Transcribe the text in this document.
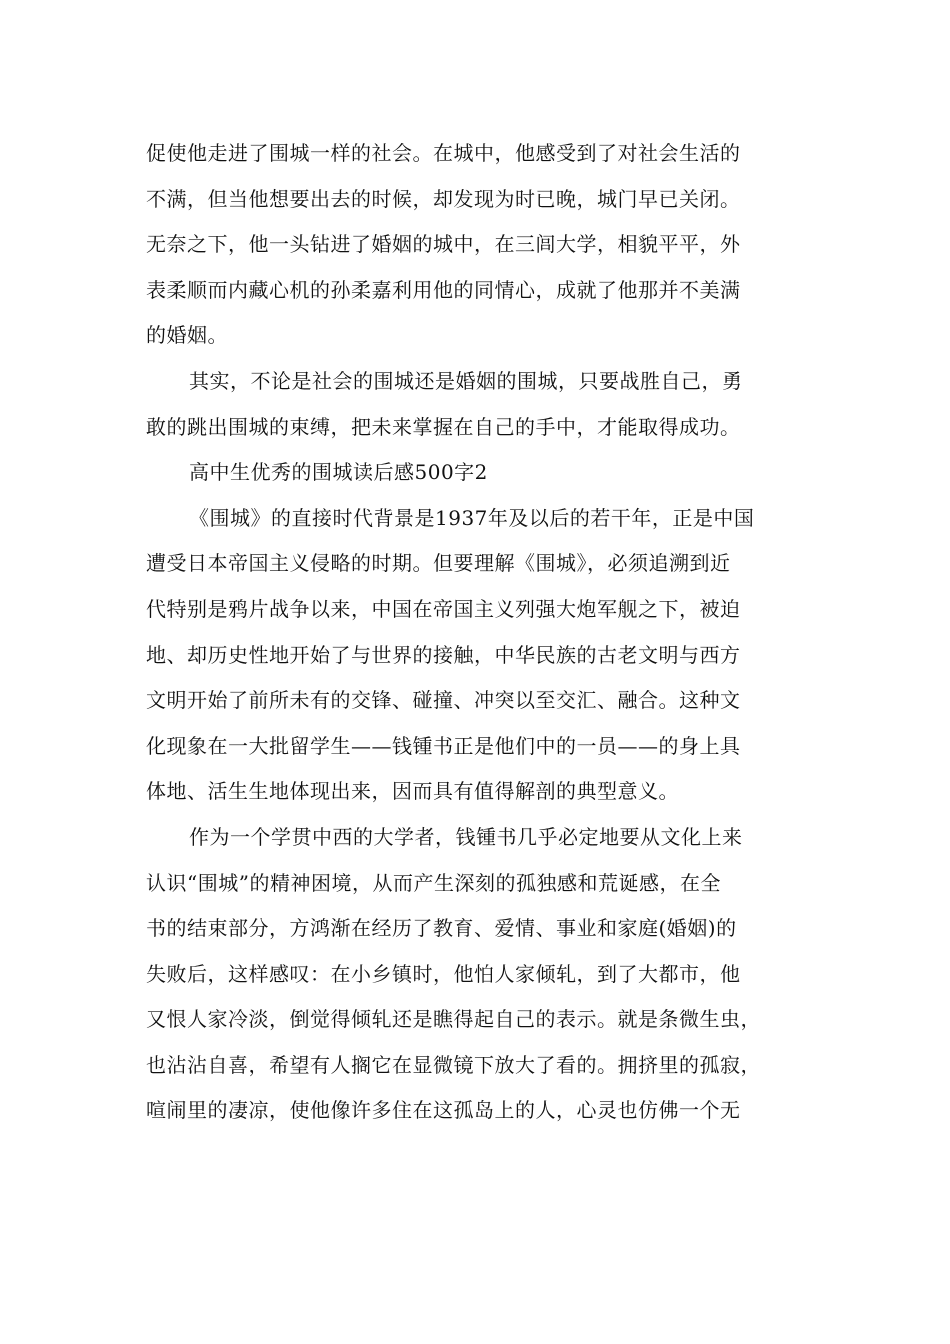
促使他走进了围城一样的社会。在城中，他感受到了对社会生活的
不满，但当他想要出去的时候，却发现为时已晚，城门早已关闭。
无奈之下，他一头钻进了婚姻的城中，在三闾大学，相貌平平，外
表柔顺而内藏心机的孙柔嘉利用他的同情心，成就了他那并不美满
的婚姻。
其实，不论是社会的围城还是婚姻的围城，只要战胜自己，勇
敢的跳出围城的束缚，把未来掌握在自己的手中，才能取得成功。
高中生优秀的围城读后感500字2
《围城》的直接时代背景是1937年及以后的若干年，正是中国
遭受日本帝国主义侵略的时期。但要理解《围城》，必须追溯到近
代特别是鸦片战争以来，中国在帝国主义列强大炮军舰之下，被迫
地、却历史性地开始了与世界的接触，中华民族的古老文明与西方
文明开始了前所未有的交锋、碰撞、冲突以至交汇、融合。这种文
化现象在一大批留学生——钱锺书正是他们中的一员——的身上具
体地、活生生地体现出来，因而具有值得解剖的典型意义。
作为一个学贯中西的大学者，钱锺书几乎必定地要从文化上来
认识“围城”的精神困境，从而产生深刻的孤独感和荒诞感，在全
书的结束部分，方鸿渐在经历了教育、爱情、事业和家庭(婚姻)的
失败后，这样感叹：在小乡镇时，他怕人家倾轧，到了大都市，他
又恨人家冷淡，倒觉得倾轧还是瞧得起自己的表示。就是条微生虫，
也沾沾自喜，希望有人搁它在显微镜下放大了看的。拥挤里的孤寂，
喧闹里的凄凉，使他像许多住在这孤岛上的人，心灵也仿佛一个无
